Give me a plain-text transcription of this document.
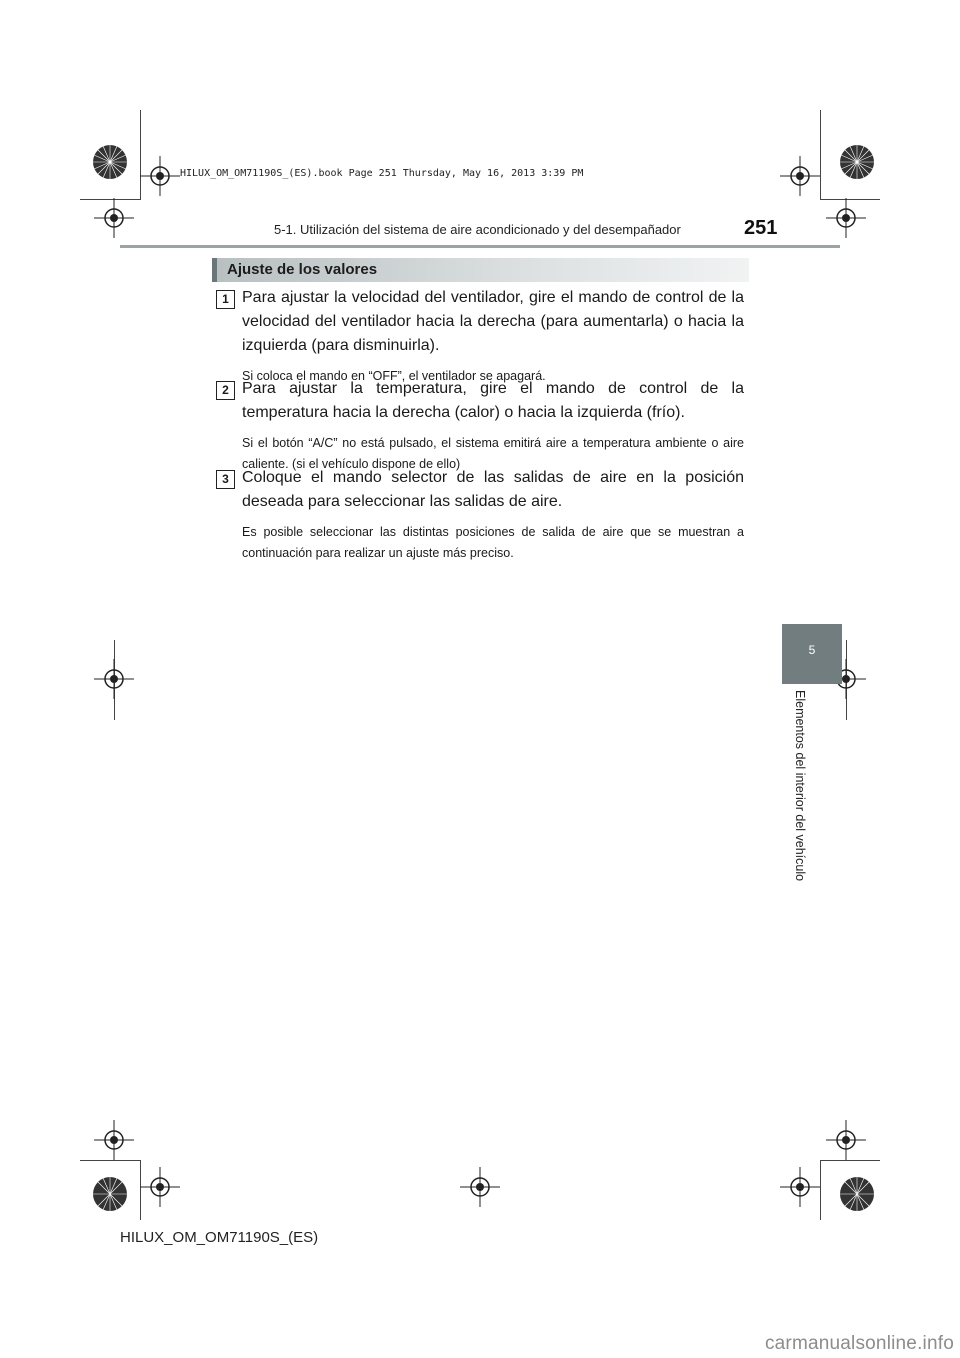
HILUX_OM_OM71190S_(ES).book Page 251 Thursday, May 16, 2013 3:39 PM
5-1. Utilización del sistema de aire acondicionado y del desempañador	251
Ajuste de los valores
1 Para ajustar la velocidad del ventilador, gire el mando de control de la velocidad del ventilador hacia la derecha (para aumentarla) o hacia la izquierda (para disminuirla).

Si coloca el mando en “OFF”, el ventilador se apagará.

2 Para ajustar la temperatura, gire el mando de control de la temperatura hacia la derecha (calor) o hacia la izquierda (frío).

Si el botón “A/C” no está pulsado, el sistema emitirá aire a temperatura ambiente o aire caliente. (si el vehículo dispone de ello)

3 Coloque el mando selector de las salidas de aire en la posición deseada para seleccionar las salidas de aire.

Es posible seleccionar las distintas posiciones de salida de aire que se muestran a continuación para realizar un ajuste más preciso.

5
Elementos del interior del vehículo
HILUX_OM_OM71190S_(ES)
carmanualsonline.info
